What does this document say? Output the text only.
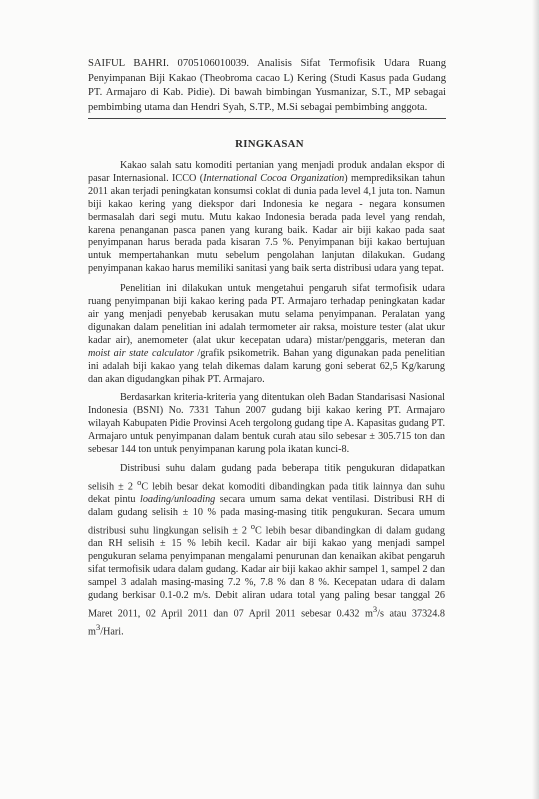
SAIFUL BAHRI. 0705106010039. Analisis Sifat Termofisik Udara Ruang Penyimpanan Biji Kakao (Theobroma cacao L) Kering (Studi Kasus pada Gudang PT. Armajaro di Kab. Pidie). Di bawah bimbingan Yusmanizar, S.T., MP sebagai pembimbing utama dan Hendri Syah, S.TP., M.Si sebagai pembimbing anggota.
RINGKASAN

Kakao salah satu komoditi pertanian yang menjadi produk andalan ekspor di pasar Internasional. ICCO (International Cocoa Organization) memprediksikan tahun 2011 akan terjadi peningkatan konsumsi coklat di dunia pada level 4,1 juta ton. Namun biji kakao kering yang diekspor dari Indonesia ke negara - negara konsumen bermasalah dari segi mutu. Mutu kakao Indonesia berada pada level yang rendah, karena penanganan pasca panen yang kurang baik. Kadar air biji kakao pada saat penyimpanan harus berada pada kisaran 7.5 %. Penyimpanan biji kakao bertujuan untuk mempertahankan mutu sebelum pengolahan lanjutan dilakukan. Gudang penyimpanan kakao harus memiliki sanitasi yang baik serta distribusi udara yang tepat.

Penelitian ini dilakukan untuk mengetahui pengaruh sifat termofisik udara ruang penyimpanan biji kakao kering pada PT. Armajaro terhadap peningkatan kadar air yang menjadi penyebab kerusakan mutu selama penyimpanan. Peralatan yang digunakan dalam penelitian ini adalah termometer air raksa, moisture tester (alat ukur kadar air), anemometer (alat ukur kecepatan udara) mistar/penggaris, meteran dan moist air state calculator /grafik psikometrik. Bahan yang digunakan pada penelitian ini adalah biji kakao yang telah dikemas dalam karung goni seberat 62,5 Kg/karung dan akan digudangkan pihak PT. Armajaro.

Berdasarkan kriteria-kriteria yang ditentukan oleh Badan Standarisasi Nasional Indonesia (BSNI) No. 7331 Tahun 2007 gudang biji kakao kering PT. Armajaro wilayah Kabupaten Pidie Provinsi Aceh tergolong gudang tipe A. Kapasitas gudang PT. Armajaro untuk penyimpanan dalam bentuk curah atau silo sebesar ± 305.715 ton dan sebesar 144 ton untuk penyimpanan karung pola ikatan kunci-8.

Distribusi suhu dalam gudang pada beberapa titik pengukuran didapatkan selisih ± 2 $^o$C lebih besar dekat komoditi dibandingkan pada titik lainnya dan suhu dekat pintu loading/unloading secara umum sama dekat ventilasi. Distribusi RH di dalam gudang selisih ± 10 % pada masing-masing titik pengukuran. Secara umum distribusi suhu lingkungan selisih ± 2 $^o$C lebih besar dibandingkan di dalam gudang dan RH selisih ± 15 % lebih kecil. Kadar air biji kakao yang menjadi sampel pengukuran selama penyimpanan mengalami penurunan dan kenaikan akibat pengaruh sifat termofisik udara dalam gudang. Kadar air biji kakao akhir sampel 1, sampel 2 dan sampel 3 adalah masing-masing 7.2 %, 7.8 % dan 8 %. Kecepatan udara di dalam gudang berkisar 0.1-0.2 m/s. Debit aliran udara total yang paling besar tanggal 26 Maret 2011, 02 April 2011 dan 07 April 2011 sebesar 0.432 $m^3/s$ atau 37324.8 $m^3$/Hari.
